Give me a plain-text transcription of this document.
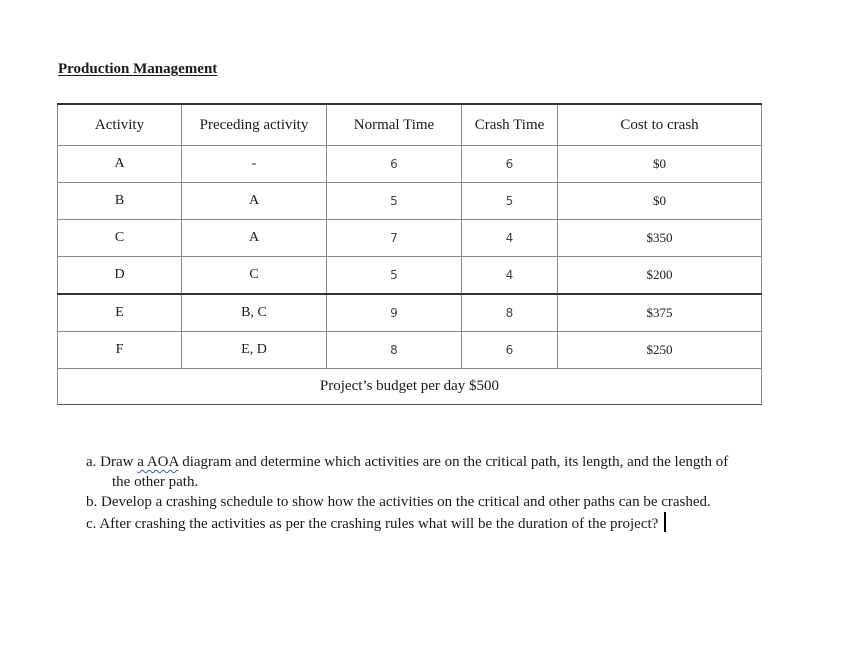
Production Management
Activity	Preceding activity	Normal Time	Crash Time	Cost to crash
A	-	6	6	$0
B	A	5	5	$0
C	A	7	4	$350
D	C	5	4	$200
E	B, C	9	8	$375
F	E, D	8	6	$250
Project’s budget per day $500				

a. Draw a AOA diagram and determine which activities are on the critical path, its length, and the length of the other path.

b. Develop a crashing schedule to show how the activities on the critical and other paths can be crashed.

c. After crashing the activities as per the crashing rules what will be the duration of the project?
